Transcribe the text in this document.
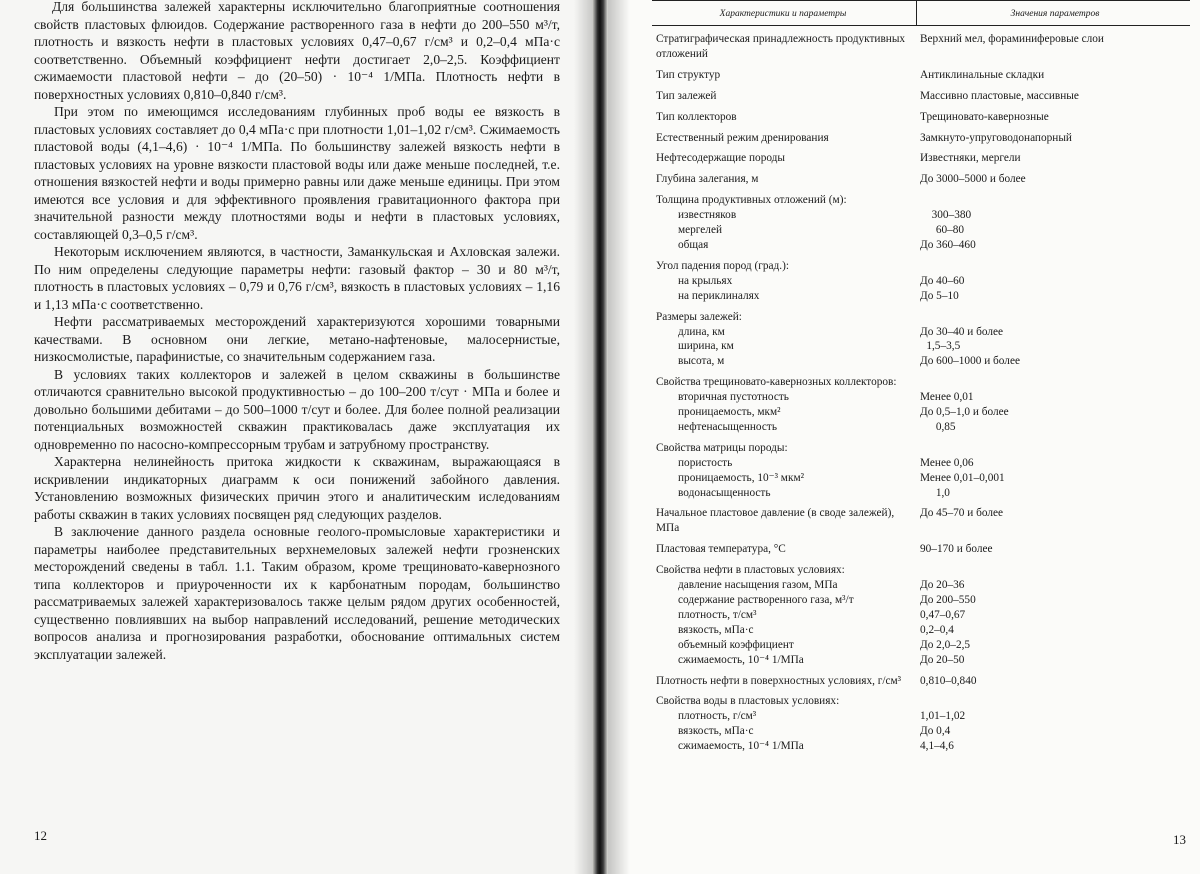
Для большинства залежей характерны исключительно благоприятные соотношения свойств пластовых флюидов. Содержание растворенного газа в нефти до 200–550 м³/т, плотность и вязкость нефти в пластовых условиях 0,47–0,67 г/см³ и 0,2–0,4 мПа·с соответственно. Объемный коэффициент нефти достигает 2,0–2,5. Коэффициент сжимаемости пластовой нефти – до (20–50) · 10⁻⁴ 1/МПа. Плотность нефти в поверхностных условиях 0,810–0,840 г/см³.

При этом по имеющимся исследованиям глубинных проб воды ее вязкость в пластовых условиях составляет до 0,4 мПа·с при плотности 1,01–1,02 г/см³. Сжимаемость пластовой воды (4,1–4,6) · 10⁻⁴ 1/МПа. По большинству залежей вязкость нефти в пластовых условиях на уровне вязкости пластовой воды или даже меньше последней, т.е. отношения вязкостей нефти и воды примерно равны или даже меньше единицы. При этом имеются все условия и для эффективного проявления гравитационного фактора при значительной разности между плотностями воды и нефти в пластовых условиях, составляющей 0,3–0,5 г/см³.

Некоторым исключением являются, в частности, Заманкульская и Ахловская залежи. По ним определены следующие параметры нефти: газовый фактор – 30 и 80 м³/т, плотность в пластовых условиях – 0,79 и 0,76 г/см³, вязкость в пластовых условиях – 1,16 и 1,13 мПа·с соответственно.

Нефти рассматриваемых месторождений характеризуются хорошими товарными качествами. В основном они легкие, метано-нафтеновые, малосернистые, низкосмолистые, парафинистые, со значительным содержанием газа.

В условиях таких коллекторов и залежей в целом скважины в большинстве отличаются сравнительно высокой продуктивностью – до 100–200 т/сут · МПа и более и довольно большими дебитами – до 500–1000 т/сут и более. Для более полной реализации потенциальных возможностей скважин практиковалась даже эксплуатация их одновременно по насосно-компрессорным трубам и затрубному пространству.

Характерна нелинейность притока жидкости к скважинам, выражающаяся в искривлении индикаторных диаграмм к оси понижений забойного давления. Установлению возможных физических причин этого и аналитическим иследованиям работы скважин в таких условиях посвящен ряд следующих разделов.

В заключение данного раздела основные геолого-промысловые характеристики и параметры наиболее представительных верхнемеловых залежей нефти грозненских месторождений сведены в табл. 1.1. Таким образом, кроме трещиновато-кавернозного типа коллекторов и приуроченности их к карбонатным породам, большинство рассматриваемых залежей характеризовалось также целым рядом других особенностей, существенно повлиявших на выбор направлений исследований, решение методических вопросов анализа и прогнозирования разработки, обоснование оптимальных систем эксплуатации залежей.

12
Характеристики и параметры	Значения параметров
Стратиграфическая принадлежность продуктивных отложений
Верхний мел, фораминиферовые слои
Тип структур	Антиклинальные складки
Тип залежей	Массивно пластовые, массивные
Тип коллекторов	Трещиновато-кавернозные
Естественный режим дренирования	Замкнуто-упруговодонапорный
Нефтесодержащие породы	Известняки, мергели
Глубина залегания, м	До 3000–5000 и более
Толщина продуктивных отложений (м):
известняков	300–380
мергелей	60–80
общая	До 360–460
Угол падения пород (град.):
на крыльях	До 40–60
на периклиналях	До 5–10
Размеры залежей:
длина, км	До 30–40 и более
ширина, км	1,5–3,5
высота, м	До 600–1000 и более
Свойства трещиновато-кавернозных коллекторов:
вторичная пустотность	Менее 0,01
проницаемость, мкм²	До 0,5–1,0 и более
нефтенасыщенность	0,85
Свойства матрицы породы:
пористость	Менее 0,06
проницаемость, 10⁻³ мкм²	Менее 0,01–0,001
водонасыщенность	1,0
Начальное пластовое давление (в своде залежей), МПа
До 45–70 и более
Пластовая температура, °С	90–170 и более
Свойства нефти в пластовых условиях:
давление насыщения газом, МПа	До 20–36
содержание растворенного газа, м³/т	До 200–550
плотность, т/см³	0,47–0,67
вязкость, мПа·с	0,2–0,4
объемный коэффициент	До 2,0–2,5
сжимаемость, 10⁻⁴ 1/МПа	До 20–50
Плотность нефти в поверхностных условиях, г/см³	0,810–0,840
Свойства воды в пластовых условиях:
плотность, г/см³	1,01–1,02
вязкость, мПа·с	До 0,4
сжимаемость, 10⁻⁴ 1/МПа	4,1–4,6
13
